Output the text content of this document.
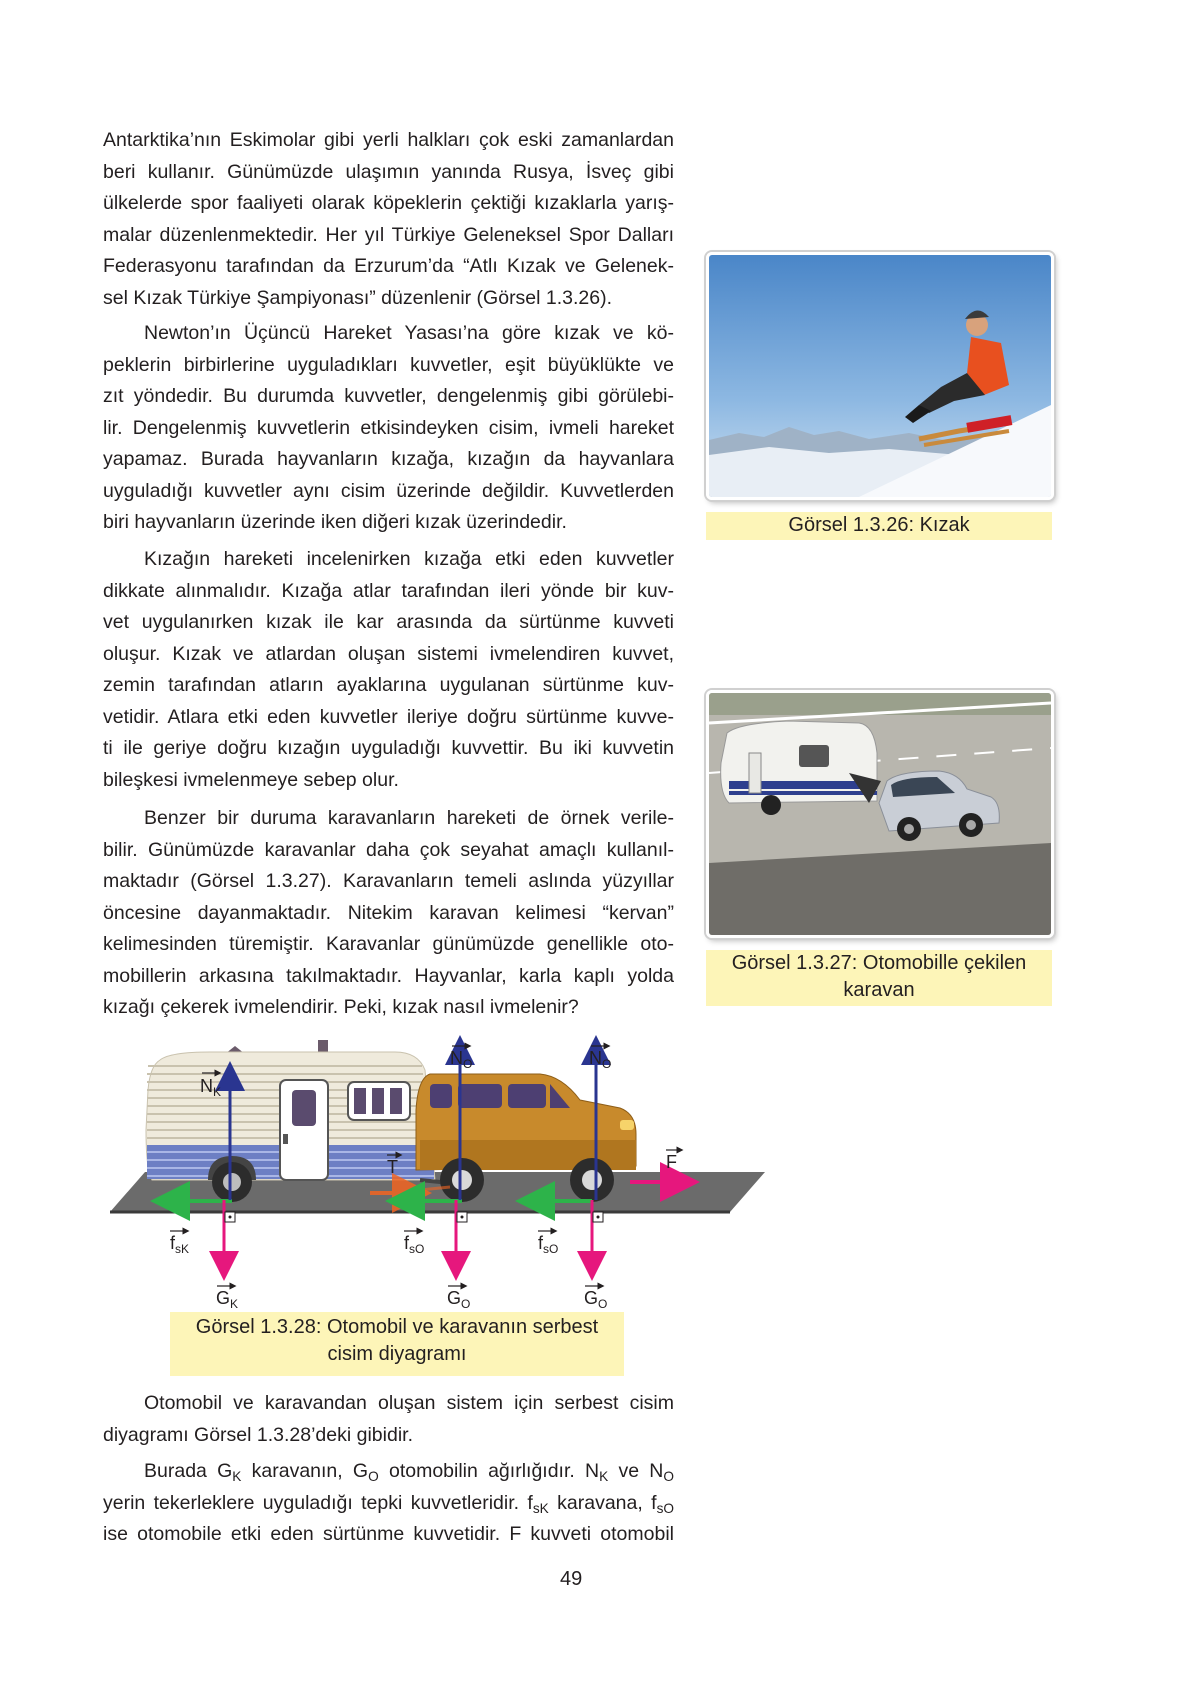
Antarktika’nın Eskimolar gibi yerli halkları çok eski zamanlardan
beri kullanır. Günümüzde ulaşımın yanında Rusya, İsveç gibi
ülkelerde spor faaliyeti olarak köpeklerin çektiği kızaklarla yarış-
malar düzenlenmektedir. Her yıl Türkiye Geleneksel Spor Dalları
Federasyonu tarafından da Erzurum’da “Atlı Kızak ve Gelenek-
sel Kızak Türkiye Şampiyonası” düzenlenir (Görsel 1.3.26).
Newton’ın Üçüncü Hareket Yasası’na göre kızak ve kö-
peklerin birbirlerine uyguladıkları kuvvetler, eşit büyüklükte ve
zıt yöndedir. Bu durumda kuvvetler, dengelenmiş gibi görülebi-
lir. Dengelenmiş kuvvetlerin etkisindeyken cisim, ivmeli hareket
yapamaz. Burada hayvanların kızağa, kızağın da hayvanlara
uyguladığı kuvvetler aynı cisim üzerinde değildir. Kuvvetlerden
biri hayvanların üzerinde iken diğeri kızak üzerindedir.
Kızağın hareketi incelenirken kızağa etki eden kuvvetler
dikkate alınmalıdır. Kızağa atlar tarafından ileri yönde bir kuv-
vet uygulanırken kızak ile kar arasında da sürtünme kuvveti
oluşur. Kızak ve atlardan oluşan sistemi ivmelendiren kuvvet,
zemin tarafından atların ayaklarına uygulanan sürtünme kuv-
vetidir. Atlara etki eden kuvvetler ileriye doğru sürtünme kuvve-
ti ile geriye doğru kızağın uyguladığı kuvvettir. Bu iki kuvvetin
bileşkesi ivmelenmeye sebep olur.
Benzer bir duruma karavanların hareketi de örnek verile-
bilir. Günümüzde karavanlar daha çok seyahat amaçlı kullanıl-
maktadır (Görsel 1.3.27). Karavanların temeli aslında yüzyıllar
öncesine dayanmaktadır. Nitekim karavan kelimesi “kervan”
kelimesinden türemiştir. Karavanlar günümüzde genellikle oto-
mobillerin arkasına takılmaktadır. Hayvanlar, karla kaplı yolda
kızağı çekerek ivmelendirir. Peki, kızak nasıl ivmelenir?
Otomobil ve karavandan oluşan sistem için serbest cisim
diyagramı Görsel 1.3.28’deki gibidir.
Burada $G_K$ karavanın, $G_O$ otomobilin ağırlığıdır. $N_K$ ve $N_O$
yerin tekerleklere uyguladığı tepki kuvvetleridir. $f_{sK}$ karavana, $f_{sO}$
ise otomobile etki eden sürtünme kuvvetidir. F kuvveti otomobil
Görsel 1.3.26: Kızak
Görsel 1.3.27: Otomobille çekilen
karavan
$N_K$
$N_O$	$N_O$
T	F
$f_{sK}$	$f_{sO}$	$f_{sO}$
$G_K$	$G_O$	$G_O$
Görsel 1.3.28: Otomobil ve karavanın serbest
cisim diyagramı
49
